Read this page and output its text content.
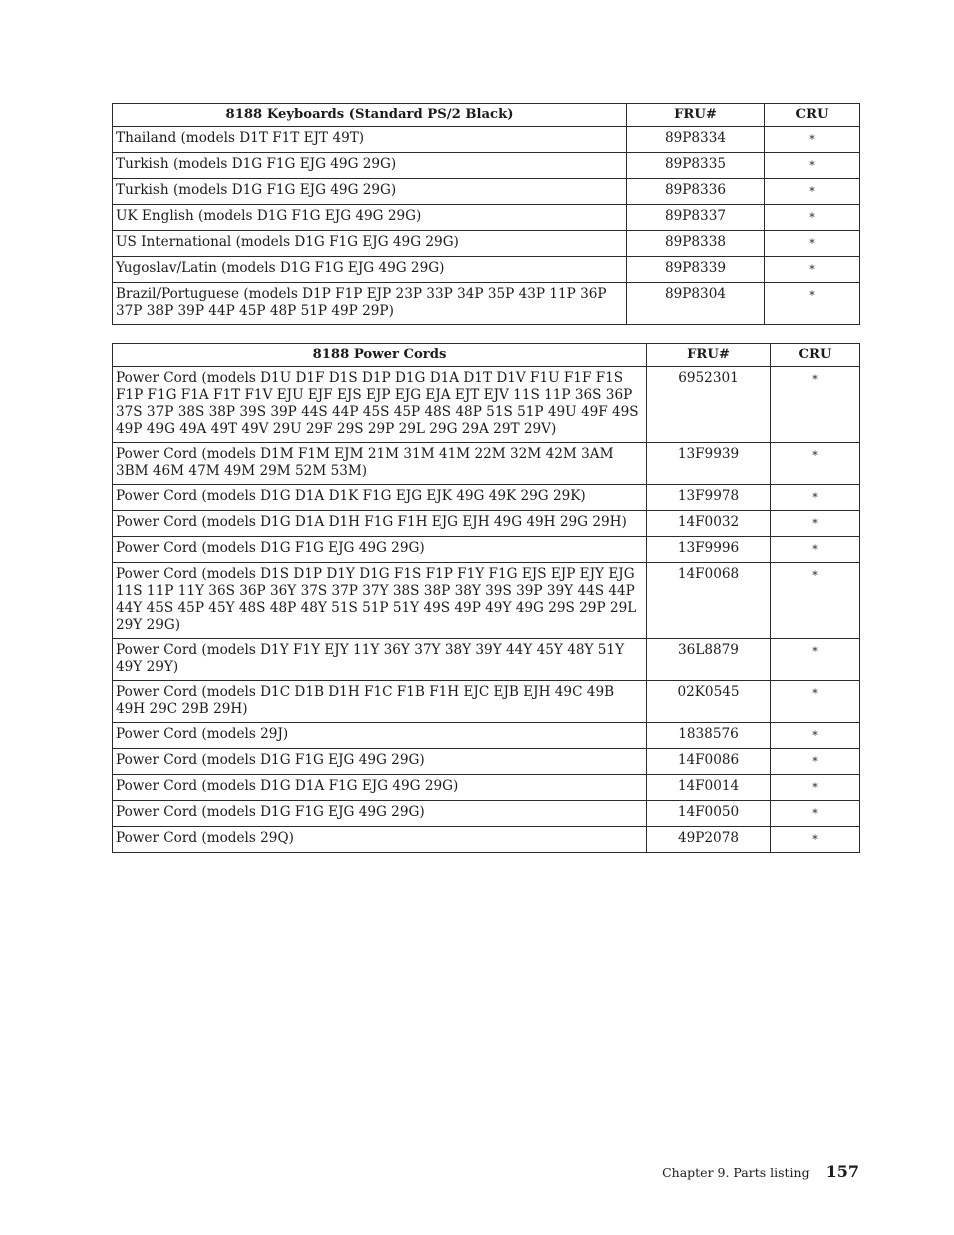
8188 Keyboards (Standard PS/2 Black)	FRU#	CRU
Thailand (models D1T F1T EJT 49T)	89P8334	*
Turkish (models D1G F1G EJG 49G 29G)	89P8335	*
Turkish (models D1G F1G EJG 49G 29G)	89P8336	*
UK English (models D1G F1G EJG 49G 29G)	89P8337	*
US International (models D1G F1G EJG 49G 29G)	89P8338	*
Yugoslav/Latin (models D1G F1G EJG 49G 29G)	89P8339	*
Brazil/Portuguese (models D1P F1P EJP 23P 33P 34P 35P 43P 11P 36P 37P 38P 39P 44P 45P 48P 51P 49P 29P)	89P8304	*
8188 Power Cords	FRU#	CRU
Power Cord (models D1U D1F D1S D1P D1G D1A D1T D1V F1U F1F F1S F1P F1G F1A F1T F1V EJU EJF EJS EJP EJG EJA EJT EJV 11S 11P 36S 36P 37S 37P 38S 38P 39S 39P 44S 44P 45S 45P 48S 48P 51S 51P 49U 49F 49S 49P 49G 49A 49T 49V 29U 29F 29S 29P 29L 29G 29A 29T 29V)	6952301	*
Power Cord (models D1M F1M EJM 21M 31M 41M 22M 32M 42M 3AM 3BM 46M 47M 49M 29M 52M 53M)	13F9939	*
Power Cord (models D1G D1A D1K F1G EJG EJK 49G 49K 29G 29K)	13F9978	*
Power Cord (models D1G D1A D1H F1G F1H EJG EJH 49G 49H 29G 29H)	14F0032	*
Power Cord (models D1G F1G EJG 49G 29G)	13F9996	*
Power Cord (models D1S D1P D1Y D1G F1S F1P F1Y F1G EJS EJP EJY EJG 11S 11P 11Y 36S 36P 36Y 37S 37P 37Y 38S 38P 38Y 39S 39P 39Y 44S 44P 44Y 45S 45P 45Y 48S 48P 48Y 51S 51P 51Y 49S 49P 49Y 49G 29S 29P 29L 29Y 29G)	14F0068	*
Power Cord (models D1Y F1Y EJY 11Y 36Y 37Y 38Y 39Y 44Y 45Y 48Y 51Y 49Y 29Y)	36L8879	*
Power Cord (models D1C D1B D1H F1C F1B F1H EJC EJB EJH 49C 49B 49H 29C 29B 29H)	02K0545	*
Power Cord (models 29J)	1838576	*
Power Cord (models D1G F1G EJG 49G 29G)	14F0086	*
Power Cord (models D1G D1A F1G EJG 49G 29G)	14F0014	*
Power Cord (models D1G F1G EJG 49G 29G)	14F0050	*
Power Cord (models 29Q)	49P2078	*
Chapter 9. Parts listing 157
